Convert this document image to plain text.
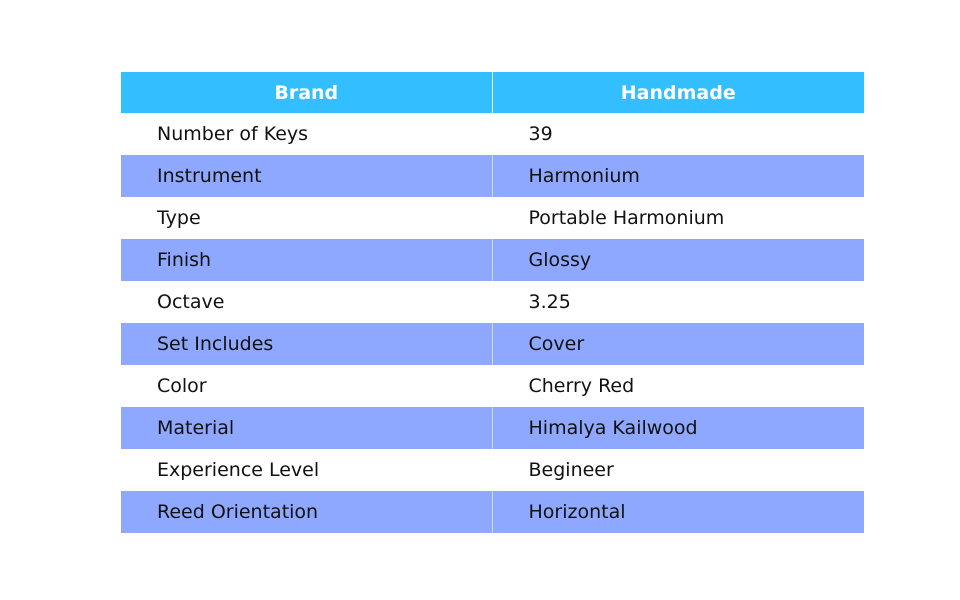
Brand	Handmade
Number of Keys	39
Instrument	Harmonium
Type	Portable Harmonium
Finish	Glossy
Octave	3.25
Set Includes	Cover
Color	Cherry Red
Material	Himalya Kailwood
Experience Level	Begineer
Reed Orientation	Horizontal
